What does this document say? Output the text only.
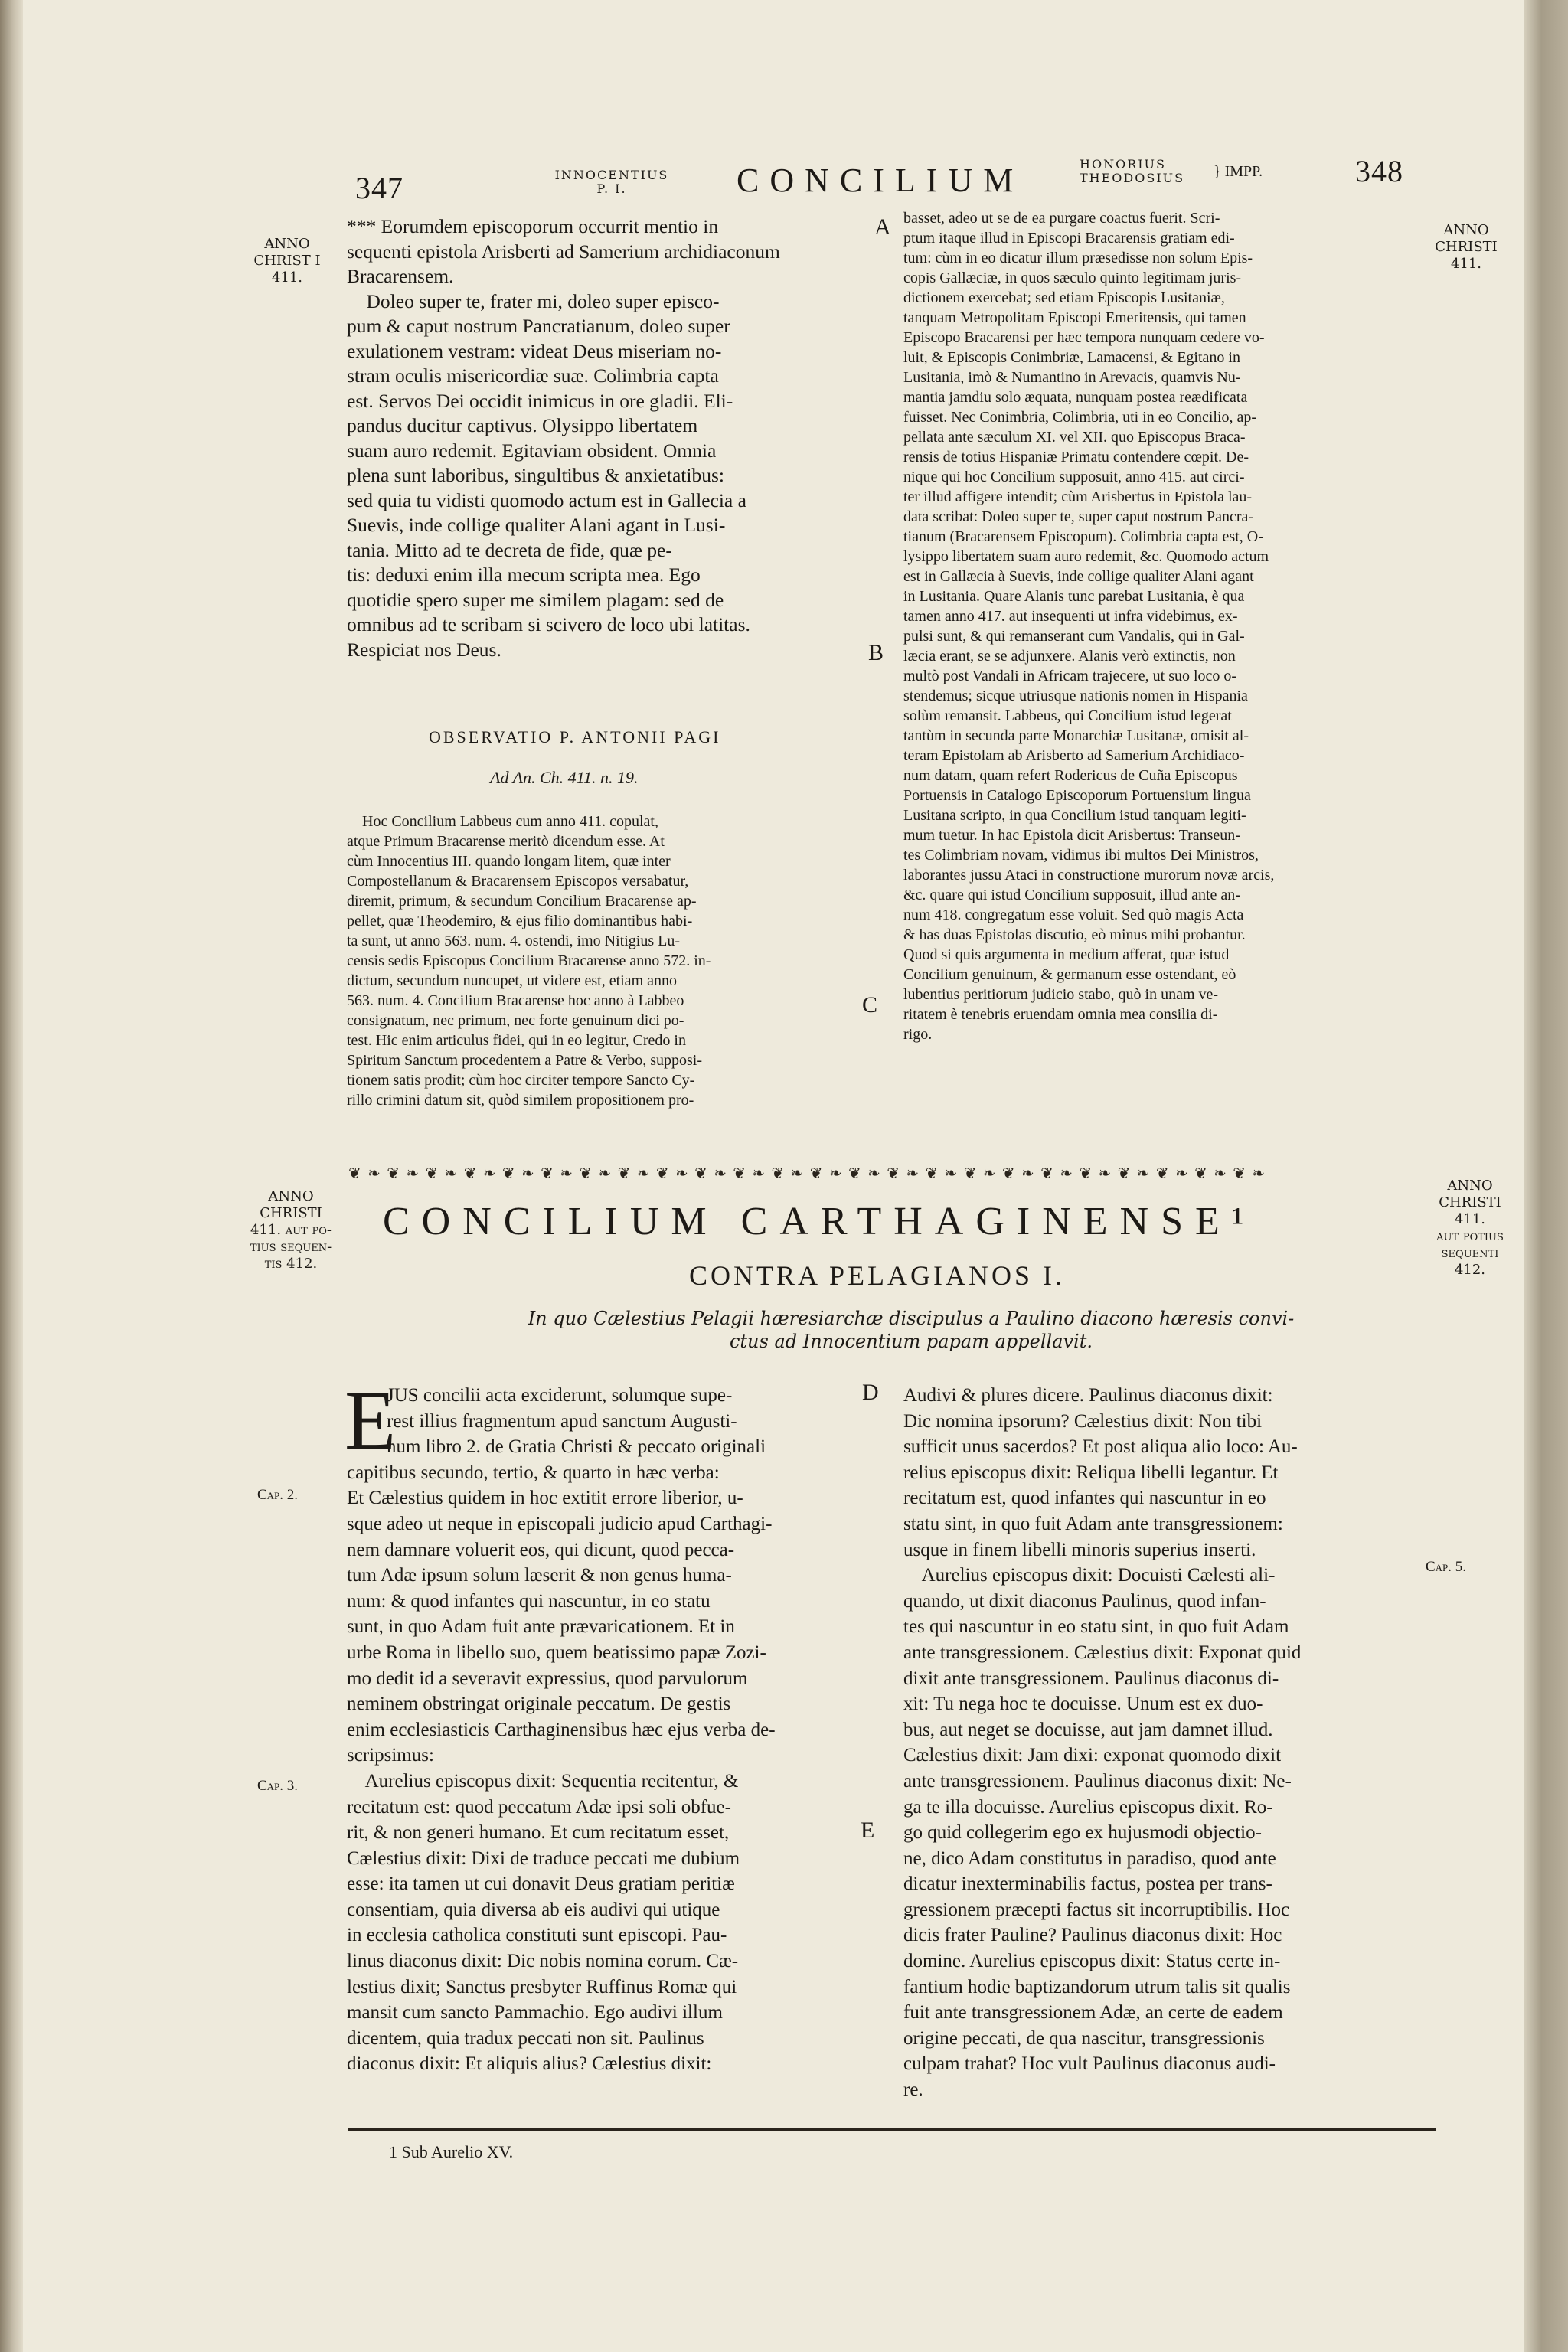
347	INNOCENTIUS
P. I.	CONCILIUM	HONORIUS
THEODOSIUS	} IMPP.	348
ANNO
CHRIST I
411.
ANNO
CHRISTI
411.
*** Eorumdem episcoporum occurrit mentio in
sequenti epistola Arisberti ad Samerium archidiaconum
Bracarensem.
Doleo super te, frater mi, doleo super episco-
pum & caput nostrum Pancratianum, doleo super
exulationem vestram: videat Deus miseriam no-
stram oculis misericordiæ suæ. Colimbria capta
est. Servos Dei occidit inimicus in ore gladii. Eli-
pandus ducitur captivus. Olysippo libertatem
suam auro redemit. Egitaviam obsident. Omnia
plena sunt laboribus, singultibus & anxietatibus:
sed quia tu vidisti quomodo actum est in Gallecia a
Suevis, inde collige qualiter Alani agant in Lusi-
tania. Mitto ad te decreta de fide, quæ pe-
tis: deduxi enim illa mecum scripta mea. Ego
quotidie spero super me similem plagam: sed de
omnibus ad te scribam si scivero de loco ubi latitas.
Respiciat nos Deus.
A
B
C
D
E
OBSERVATIO P. ANTONII PAGI
Ad An. Ch. 411. n. 19.
Hoc Concilium Labbeus cum anno 411. copulat,
atque Primum Bracarense meritò dicendum esse. At
cùm Innocentius III. quando longam litem, quæ inter
Compostellanum & Bracarensem Episcopos versabatur,
diremit, primum, & secundum Concilium Bracarense ap-
pellet, quæ Theodemiro, & ejus filio dominantibus habi-
ta sunt, ut anno 563. num. 4. ostendi, imo Nitigius Lu-
censis sedis Episcopus Concilium Bracarense anno 572. in-
dictum, secundum nuncupet, ut videre est, etiam anno
563. num. 4. Concilium Bracarense hoc anno à Labbeo
consignatum, nec primum, nec forte genuinum dici po-
test. Hic enim articulus fidei, qui in eo legitur, Credo in
Spiritum Sanctum procedentem a Patre & Verbo, supposi-
tionem satis prodit; cùm hoc circiter tempore Sancto Cy-
rillo crimini datum sit, quòd similem propositionem pro-
basset, adeo ut se de ea purgare coactus fuerit. Scri-
ptum itaque illud in Episcopi Bracarensis gratiam edi-
tum: cùm in eo dicatur illum præsedisse non solum Epis-
copis Gallæciæ, in quos sæculo quinto legitimam juris-
dictionem exercebat; sed etiam Episcopis Lusitaniæ,
tanquam Metropolitam Episcopi Emeritensis, qui tamen
Episcopo Bracarensi per hæc tempora nunquam cedere vo-
luit, & Episcopis Conimbriæ, Lamacensi, & Egitano in
Lusitania, imò & Numantino in Arevacis, quamvis Nu-
mantia jamdiu solo æquata, nunquam postea reædificata
fuisset. Nec Conimbria, Colimbria, uti in eo Concilio, ap-
pellata ante sæculum XI. vel XII. quo Episcopus Braca-
rensis de totius Hispaniæ Primatu contendere cœpit. De-
nique qui hoc Concilium supposuit, anno 415. aut circi-
ter illud affigere intendit; cùm Arisbertus in Epistola lau-
data scribat: Doleo super te, super caput nostrum Pancra-
tianum (Bracarensem Episcopum). Colimbria capta est, O-
lysippo libertatem suam auro redemit, &c. Quomodo actum
est in Gallæcia à Suevis, inde collige qualiter Alani agant
in Lusitania. Quare Alanis tunc parebat Lusitania, è qua
tamen anno 417. aut insequenti ut infra videbimus, ex-
pulsi sunt, & qui remanserant cum Vandalis, qui in Gal-
læcia erant, se se adjunxere. Alanis verò extinctis, non
multò post Vandali in Africam trajecere, ut suo loco o-
stendemus; sicque utriusque nationis nomen in Hispania
solùm remansit. Labbeus, qui Concilium istud legerat
tantùm in secunda parte Monarchiæ Lusitanæ, omisit al-
teram Epistolam ab Arisberto ad Samerium Archidiaco-
num datam, quam refert Rodericus de Cuña Episcopus
Portuensis in Catalogo Episcoporum Portuensium lingua
Lusitana scripto, in qua Concilium istud tanquam legiti-
mum tuetur. In hac Epistola dicit Arisbertus: Transeun-
tes Colimbriam novam, vidimus ibi multos Dei Ministros,
laborantes jussu Ataci in constructione murorum novæ arcis,
&c. quare qui istud Concilium supposuit, illud ante an-
num 418. congregatum esse voluit. Sed quò magis Acta
& has duas Epistolas discutio, eò minus mihi probantur.
Quod si quis argumenta in medium afferat, quæ istud
Concilium genuinum, & germanum esse ostendant, eò
lubentius peritiorum judicio stabo, quò in unam ve-
ritatem è tenebris eruendam omnia mea consilia di-
rigo.
❦ ❧ ❦ ❧ ❦ ❧ ❦ ❧ ❦ ❧ ❦ ❧ ❦ ❧ ❦ ❧ ❦ ❧ ❦ ❧ ❦ ❧ ❦ ❧ ❦ ❧ ❦ ❧ ❦ ❧ ❦ ❧ ❦ ❧ ❦ ❧ ❦ ❧ ❦ ❧ ❦ ❧ ❦ ❧ ❦ ❧ ❦ ❧
ANNO
CHRISTI
411. aut po-
tius sequen-
tis 412.
ANNO
CHRISTI
411.
aut potius
sequenti
412.
CONCILIUM CARTHAGINENSE¹
CONTRA PELAGIANOS I.
In quo Cælestius Pelagii hæresiarchæ discipulus a Paulino diacono hæresis convi-
ctus ad Innocentium papam appellavit.
Cap. 2.
Cap. 3.
Cap. 5.
E
JUS concilii acta exciderunt, solumque supe-
rest illius fragmentum apud sanctum Augusti-
num libro 2. de Gratia Christi & peccato originali
capitibus secundo, tertio, & quarto in hæc verba:
Et Cælestius quidem in hoc extitit errore liberior, u-
sque adeo ut neque in episcopali judicio apud Carthagi-
nem damnare voluerit eos, qui dicunt, quod pecca-
tum Adæ ipsum solum læserit & non genus huma-
num: & quod infantes qui nascuntur, in eo statu
sunt, in quo Adam fuit ante prævaricationem. Et in
urbe Roma in libello suo, quem beatissimo papæ Zozi-
mo dedit id a severavit expressius, quod parvulorum
neminem obstringat originale peccatum. De gestis
enim ecclesiasticis Carthaginensibus hæc ejus verba de-
scripsimus:
Aurelius episcopus dixit: Sequentia recitentur, &
recitatum est: quod peccatum Adæ ipsi soli obfue-
rit, & non generi humano. Et cum recitatum esset,
Cælestius dixit: Dixi de traduce peccati me dubium
esse: ita tamen ut cui donavit Deus gratiam peritiæ
consentiam, quia diversa ab eis audivi qui utique
in ecclesia catholica constituti sunt episcopi. Pau-
linus diaconus dixit: Dic nobis nomina eorum. Cæ-
lestius dixit; Sanctus presbyter Ruffinus Romæ qui
mansit cum sancto Pammachio. Ego audivi illum
dicentem, quia tradux peccati non sit. Paulinus
diaconus dixit: Et aliquis alius? Cælestius dixit:
Audivi & plures dicere. Paulinus diaconus dixit:
Dic nomina ipsorum? Cælestius dixit: Non tibi
sufficit unus sacerdos? Et post aliqua alio loco: Au-
relius episcopus dixit: Reliqua libelli legantur. Et
recitatum est, quod infantes qui nascuntur in eo
statu sint, in quo fuit Adam ante transgressionem:
usque in finem libelli minoris superius inserti.
Aurelius episcopus dixit: Docuisti Cælesti ali-
quando, ut dixit diaconus Paulinus, quod infan-
tes qui nascuntur in eo statu sint, in quo fuit Adam
ante transgressionem. Cælestius dixit: Exponat quid
dixit ante transgressionem. Paulinus diaconus di-
xit: Tu nega hoc te docuisse. Unum est ex duo-
bus, aut neget se docuisse, aut jam damnet illud.
Cælestius dixit: Jam dixi: exponat quomodo dixit
ante transgressionem. Paulinus diaconus dixit: Ne-
ga te illa docuisse. Aurelius episcopus dixit. Ro-
go quid collegerim ego ex hujusmodi objectio-
ne, dico Adam constitutus in paradiso, quod ante
dicatur inexterminabilis factus, postea per trans-
gressionem præcepti factus sit incorruptibilis. Hoc
dicis frater Pauline? Paulinus diaconus dixit: Hoc
domine. Aurelius episcopus dixit: Status certe in-
fantium hodie baptizandorum utrum talis sit qualis
fuit ante transgressionem Adæ, an certe de eadem
origine peccati, de qua nascitur, transgressionis
culpam trahat? Hoc vult Paulinus diaconus audi-
re.
1 Sub Aurelio XV.
